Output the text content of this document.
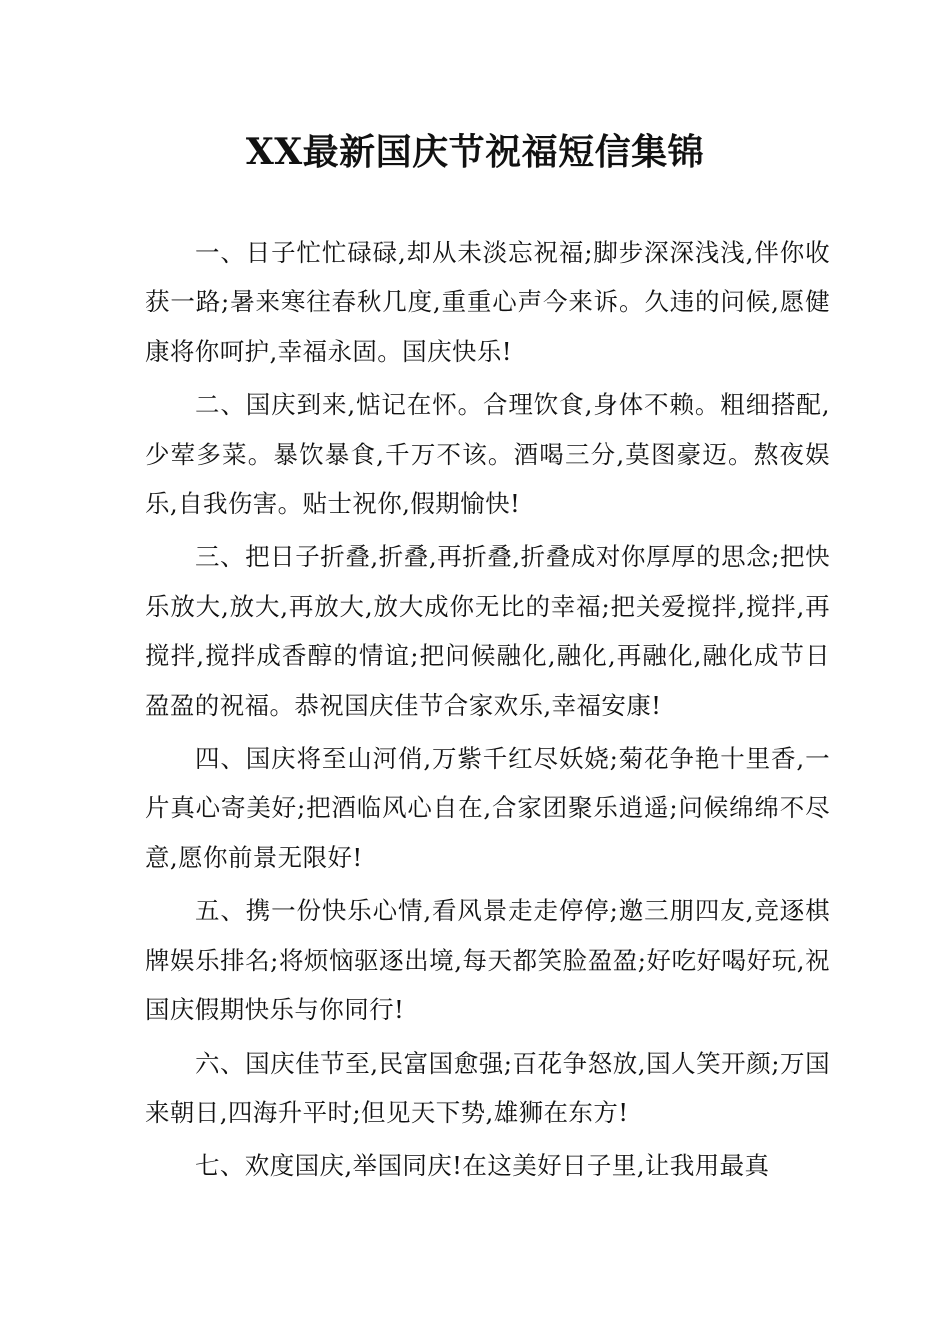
XX最新国庆节祝福短信集锦

一、日子忙忙碌碌,却从未淡忘祝福;脚步深深浅浅,伴你收获一路;暑来寒往春秋几度,重重心声今来诉。久违的问候,愿健康将你呵护,幸福永固。国庆快乐!

二、国庆到来,惦记在怀。合理饮食,身体不赖。粗细搭配,少荤多菜。暴饮暴食,千万不该。酒喝三分,莫图豪迈。熬夜娱乐,自我伤害。贴士祝你,假期愉快!

三、把日子折叠,折叠,再折叠,折叠成对你厚厚的思念;把快乐放大,放大,再放大,放大成你无比的幸福;把关爱搅拌,搅拌,再搅拌,搅拌成香醇的情谊;把问候融化,融化,再融化,融化成节日盈盈的祝福。恭祝国庆佳节合家欢乐,幸福安康!

四、国庆将至山河俏,万紫千红尽妖娆;菊花争艳十里香,一片真心寄美好;把酒临风心自在,合家团聚乐逍遥;问候绵绵不尽意,愿你前景无限好!

五、携一份快乐心情,看风景走走停停;邀三朋四友,竞逐棋牌娱乐排名;将烦恼驱逐出境,每天都笑脸盈盈;好吃好喝好玩,祝国庆假期快乐与你同行!

六、国庆佳节至,民富国愈强;百花争怒放,国人笑开颜;万国来朝日,四海升平时;但见天下势,雄狮在东方!

七、欢度国庆,举国同庆!在这美好日子里,让我用最真
